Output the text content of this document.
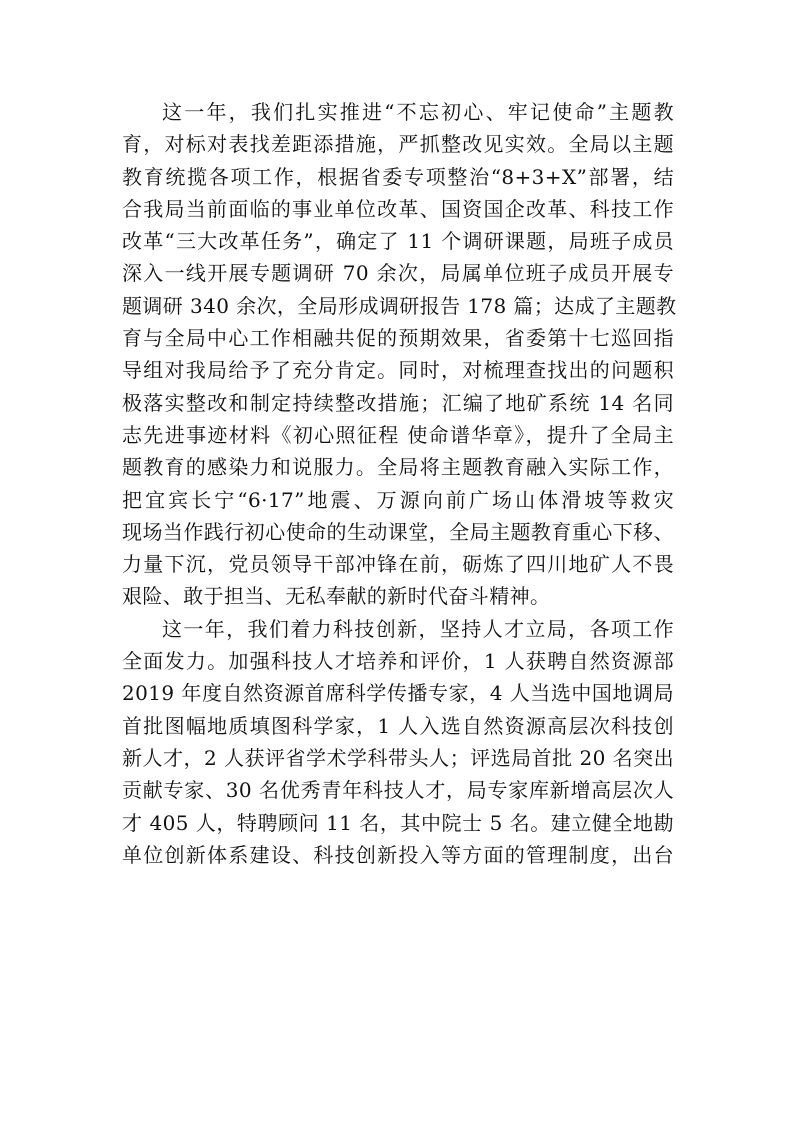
这一年，我们扎实推进“不忘初心、牢记使命”主题教
育，对标对表找差距添措施，严抓整改见实效。全局以主题
教育统揽各项工作，根据省委专项整治“8+3+X”部署，结
合我局当前面临的事业单位改革、国资国企改革、科技工作
改革“三大改革任务”，确定了 11 个调研课题，局班子成员
深入一线开展专题调研 70 余次，局属单位班子成员开展专
题调研 340 余次，全局形成调研报告 178 篇；达成了主题教
育与全局中心工作相融共促的预期效果，省委第十七巡回指
导组对我局给予了充分肯定。同时，对梳理查找出的问题积
极落实整改和制定持续整改措施；汇编了地矿系统 14 名同
志先进事迹材料《初心照征程 使命谱华章》，提升了全局主
题教育的感染力和说服力。全局将主题教育融入实际工作，
把宜宾长宁“6·17”地震、万源向前广场山体滑坡等救灾
现场当作践行初心使命的生动课堂，全局主题教育重心下移、
力量下沉，党员领导干部冲锋在前，砺炼了四川地矿人不畏
艰险、敢于担当、无私奉献的新时代奋斗精神。

这一年，我们着力科技创新，坚持人才立局，各项工作
全面发力。加强科技人才培养和评价，1 人获聘自然资源部
2019 年度自然资源首席科学传播专家，4 人当选中国地调局
首批图幅地质填图科学家，1 人入选自然资源高层次科技创
新人才，2 人获评省学术学科带头人；评选局首批 20 名突出
贡献专家、30 名优秀青年科技人才，局专家库新增高层次人
才 405 人，特聘顾问 11 名，其中院士 5 名。建立健全地勘
单位创新体系建设、科技创新投入等方面的管理制度，出台
